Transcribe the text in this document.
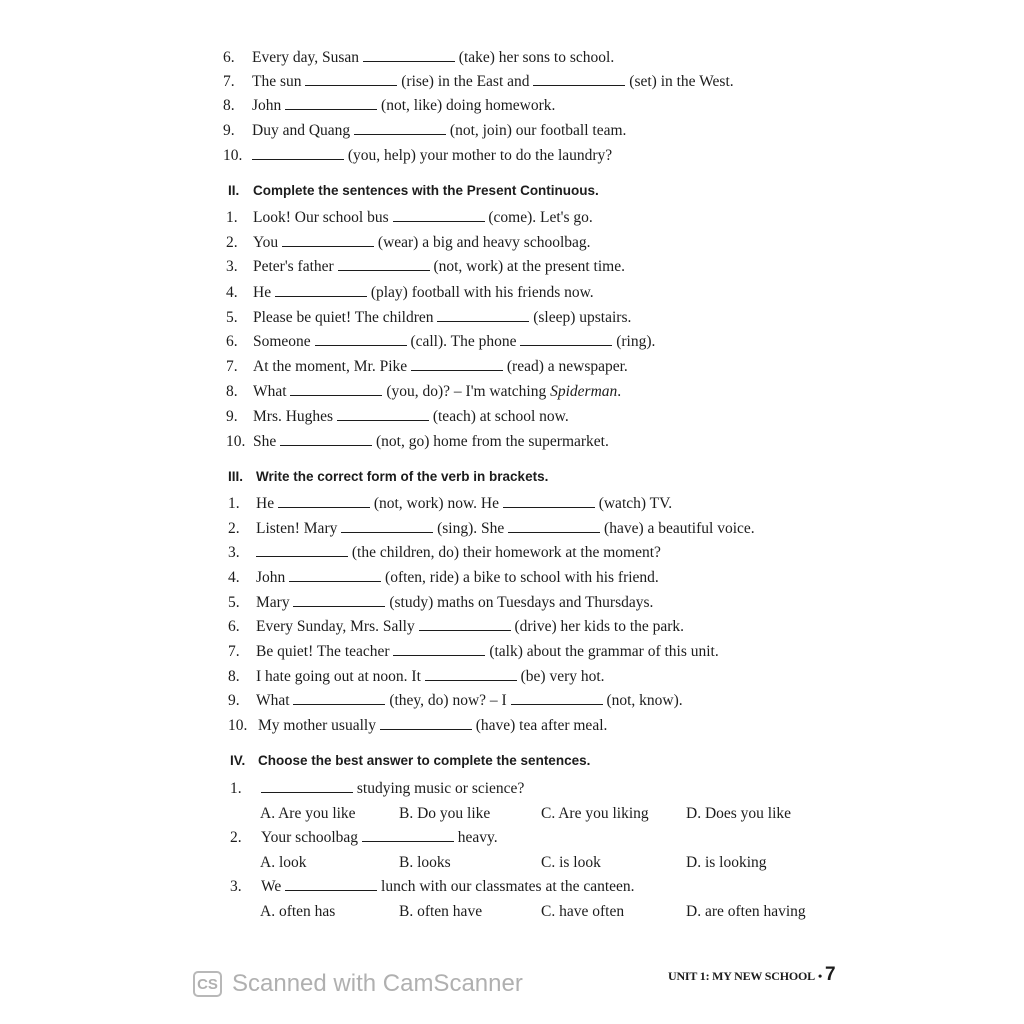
6. Every day, Susan	(take) her sons to school.
7. The sun	(rise) in the East and	(set) in the West.
8. John	(not, like) doing homework.
9. Duy and Quang	(not, join) our football team.
10.	(you, help) your mother to do the laundry?
II. Complete the sentences with the Present Continuous.
1. Look! Our school bus	(come). Let's go.
2. You	(wear) a big and heavy schoolbag.
3. Peter's father	(not, work) at the present time.
4. He	(play) football with his friends now.
5. Please be quiet! The children	(sleep) upstairs.
6. Someone	(call). The phone	(ring).
7. At the moment, Mr. Pike	(read) a newspaper.
8. What	(you, do)? – I'm watching Spiderman.
9. Mrs. Hughes	(teach) at school now.
10. She	(not, go) home from the supermarket.
III. Write the correct form of the verb in brackets.
1. He	(not, work) now. He	(watch) TV.
2. Listen! Mary	(sing). She	(have) a beautiful voice.
3.	(the children, do) their homework at the moment?
4. John	(often, ride) a bike to school with his friend.
5. Mary	(study) maths on Tuesdays and Thursdays.
6. Every Sunday, Mrs. Sally	(drive) her kids to the park.
7. Be quiet! The teacher	(talk) about the grammar of this unit.
8. I hate going out at noon. It	(be) very hot.
9. What	(they, do) now? – I	(not, know).
10. My mother usually	(have) tea after meal.
IV. Choose the best answer to complete the sentences.
1.	studying music or science?
A. Are you like	B. Do you like	C. Are you liking D. Does you like
2. Your schoolbag	heavy.
A. look	B. looks	C. is look	D. is looking
3. We	lunch with our classmates at the canteen.
A. often has	B. often have	C. have often	D. are often having
CS Scanned with CamScanner	UNIT 1: MY NEW SCHOOL • 7
